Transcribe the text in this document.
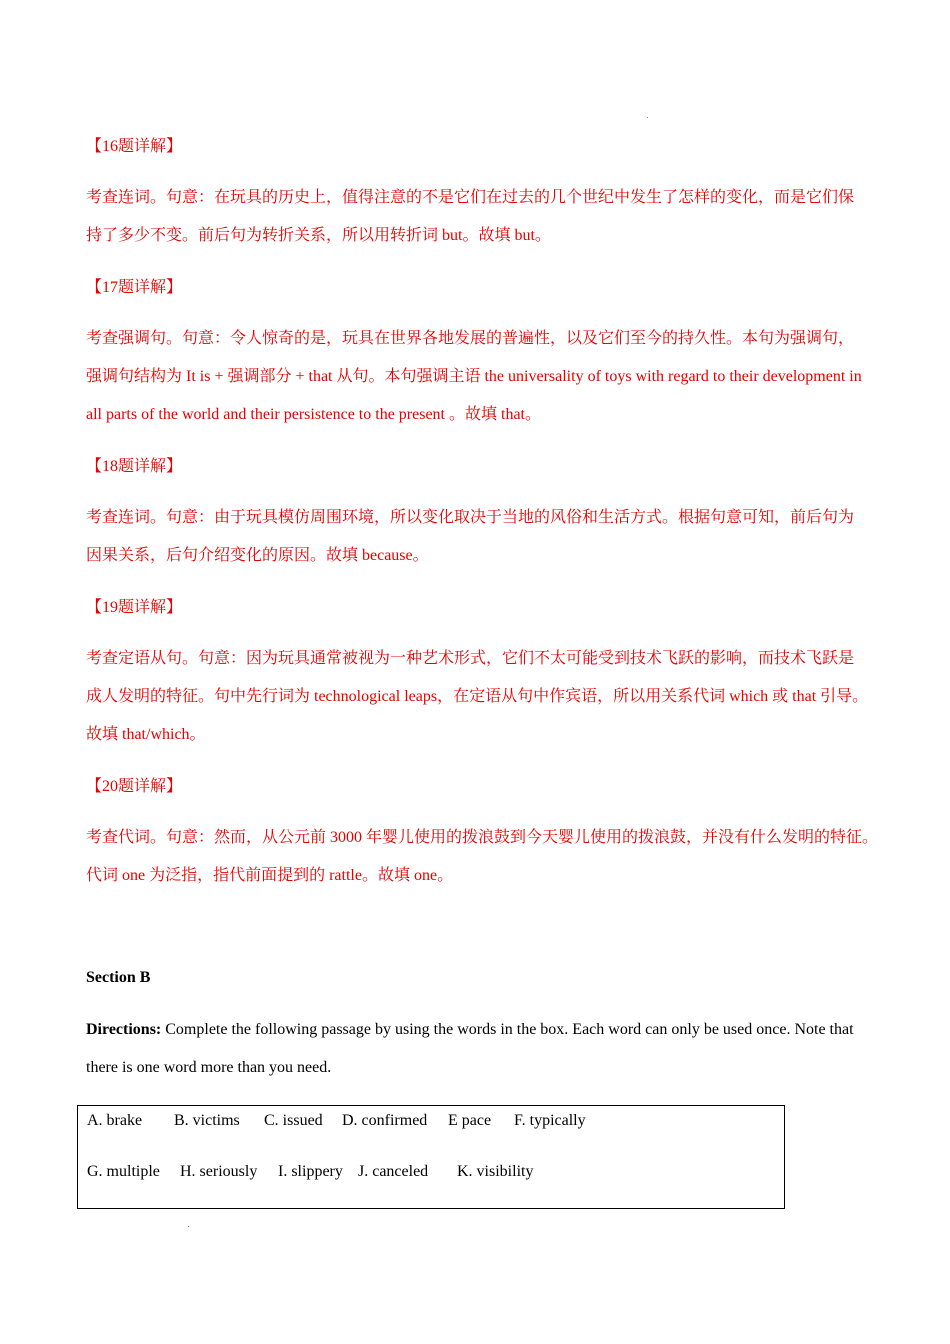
【16题详解】
考查连词。句意：在玩具的历史上，值得注意的不是它们在过去的几个世纪中发生了怎样的变化，而是它们保
持了多少不变。前后句为转折关系，所以用转折词 but。故填 but。
【17题详解】
考查强调句。句意：令人惊奇的是，玩具在世界各地发展的普遍性，以及它们至今的持久性。本句为强调句，
强调句结构为 It is + 强调部分 + that 从句。本句强调主语 the universality of toys with regard to their development in
all parts of the world and their persistence to the present 。故填 that。
【18题详解】
考查连词。句意：由于玩具模仿周围环境，所以变化取决于当地的风俗和生活方式。根据句意可知，前后句为
因果关系，后句介绍变化的原因。故填 because。
【19题详解】
考查定语从句。句意：因为玩具通常被视为一种艺术形式，它们不太可能受到技术飞跃的影响，而技术飞跃是
成人发明的特征。句中先行词为 technological leaps，在定语从句中作宾语，所以用关系代词 which 或 that 引导。
故填 that/which。
【20题详解】
考查代词。句意：然而，从公元前 3000 年婴儿使用的拨浪鼓到今天婴儿使用的拨浪鼓，并没有什么发明的特征。
代词 one 为泛指，指代前面提到的 rattle。故填 one。
Section B
Directions: Complete the following passage by using the words in the box. Each word can only be used once. Note that
there is one word more than you need.
A. brake B. victims C. issued D. confirmed E pace F. typically
G. multiple H. seriously I. slippery J. canceled K. visibility
